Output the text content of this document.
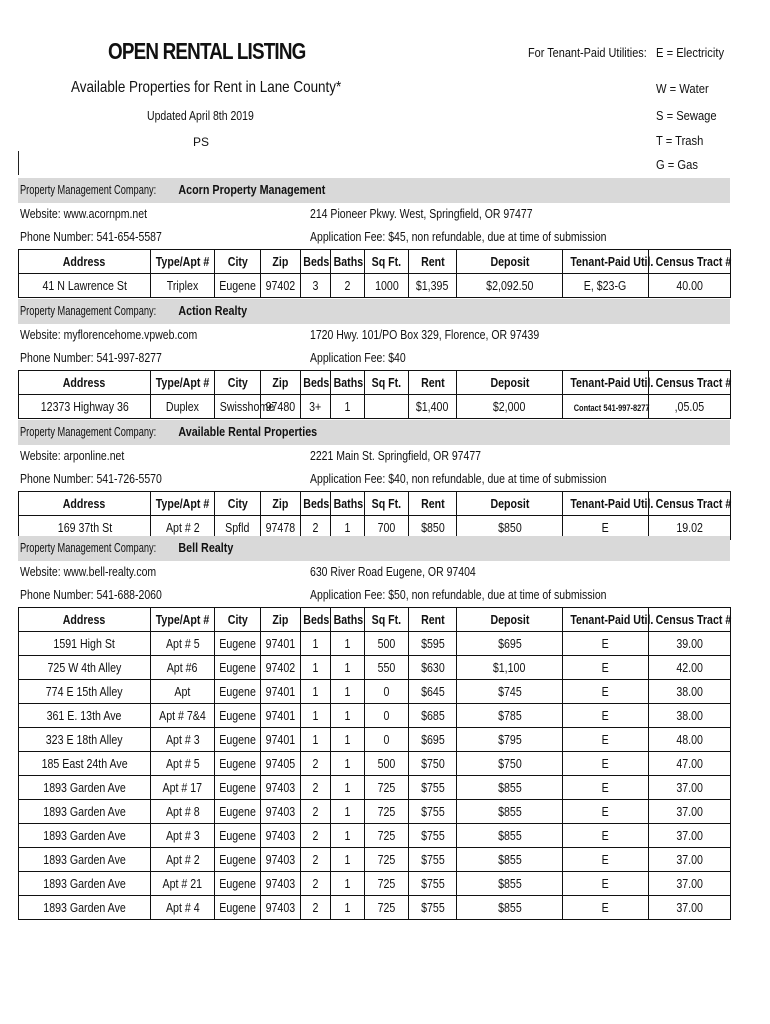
OPEN RENTAL LISTING
Available Properties for Rent in Lane County*
Updated April 8th 2019
PS
For Tenant-Paid Utilities: E = Electricity
W = Water
S = Sewage
T = Trash
G = Gas
Property Management Company:Acorn Property Management
Website: www.acornpm.net	214 Pioneer Pkwy. West, Springfield, OR 97477
Phone Number: 541-654-5587	Application Fee: $45, non refundable, due at time of submission
Address	Type/Apt #	City	Zip	Beds	Baths	Sq Ft.	Rent	Deposit	Tenant-Paid Util.	Census Tract #
41 N Lawrence St	Triplex	Eugene	97402	3	2	1000	$1,395	$2,092.50	E, $23-G	40.00
Property Management Company:Action Realty
Website: myflorencehome.vpweb.com	1720 Hwy. 101/PO Box 329, Florence, OR 97439
Phone Number: 541-997-8277	Application Fee: $40
Address	Type/Apt #	City	Zip	Beds	Baths	Sq Ft.	Rent	Deposit	Tenant-Paid Util.	Census Tract #
12373 Highway 36	Duplex	Swisshome	97480	3+	1		$1,400	$2,000	Contact 541-997-8277	,05.05
Property Management Company:Available Rental Properties
Website: arponline.net	2221 Main St. Springfield, OR 97477
Phone Number: 541-726-5570	Application Fee: $40, non refundable, due at time of submission
Address	Type/Apt #	City	Zip	Beds	Baths	Sq Ft.	Rent	Deposit	Tenant-Paid Util.	Census Tract #
169 37th St	Apt # 2	Spfld	97478	2	1	700	$850	$850	E	19.02
Property Management Company:Bell Realty
Website: www.bell-realty.com	630 River Road Eugene, OR 97404
Phone Number: 541-688-2060	Application Fee: $50, non refundable, due at time of submission
Address	Type/Apt #	City	Zip	Beds	Baths	Sq Ft.	Rent	Deposit	Tenant-Paid Util.	Census Tract #
1591 High St	Apt # 5	Eugene	97401	1	1	500	$595	$695	E	39.00
725 W 4th Alley	Apt #6	Eugene	97402	1	1	550	$630	$1,100	E	42.00
774 E 15th Alley	Apt	Eugene	97401	1	1	0	$645	$745	E	38.00
361 E. 13th Ave	Apt # 7&4	Eugene	97401	1	1	0	$685	$785	E	38.00
323 E 18th Alley	Apt # 3	Eugene	97401	1	1	0	$695	$795	E	48.00
185 East 24th Ave	Apt # 5	Eugene	97405	2	1	500	$750	$750	E	47.00
1893 Garden Ave	Apt # 17	Eugene	97403	2	1	725	$755	$855	E	37.00
1893 Garden Ave	Apt # 8	Eugene	97403	2	1	725	$755	$855	E	37.00
1893 Garden Ave	Apt # 3	Eugene	97403	2	1	725	$755	$855	E	37.00
1893 Garden Ave	Apt # 2	Eugene	97403	2	1	725	$755	$855	E	37.00
1893 Garden Ave	Apt # 21	Eugene	97403	2	1	725	$755	$855	E	37.00
1893 Garden Ave	Apt # 4	Eugene	97403	2	1	725	$755	$855	E	37.00
